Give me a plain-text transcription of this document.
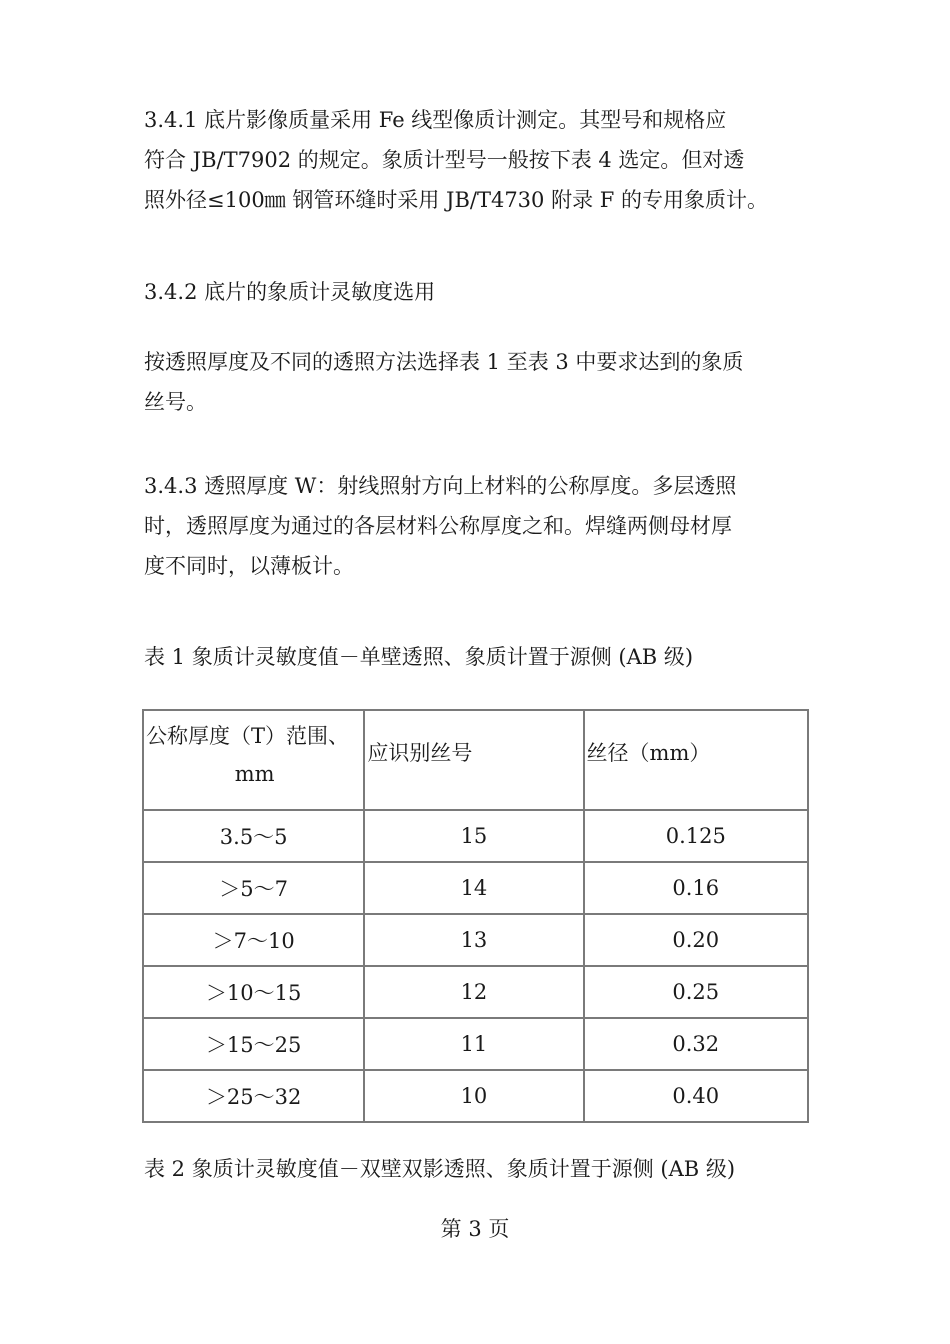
3.4.1 底片影像质量采用 Fe 线型像质计测定。其型号和规格应
符合 JB/T7902 的规定。象质计型号一般按下表 4 选定。但对透
照外径≤100㎜ 钢管环缝时采用 JB/T4730 附录 F 的专用象质计。

3.4.2 底片的象质计灵敏度选用

按透照厚度及不同的透照方法选择表 1 至表 3 中要求达到的象质
丝号。

3.4.3 透照厚度 W：射线照射方向上材料的公称厚度。多层透照
时，透照厚度为通过的各层材料公称厚度之和。焊缝两侧母材厚
度不同时，以薄板计。

表 1 象质计灵敏度值－单壁透照、象质计置于源侧 (AB 级)

公称厚度（T）范围、
mm	应识别丝号	丝径（mm）

3.5～5	15	0.125
＞5～7	14	0.16
＞7～10	13	0.20
＞10～15	12	0.25
＞15～25	11	0.32
＞25～32	10	0.40

表 2 象质计灵敏度值－双壁双影透照、象质计置于源侧 (AB 级)

第 3 页
